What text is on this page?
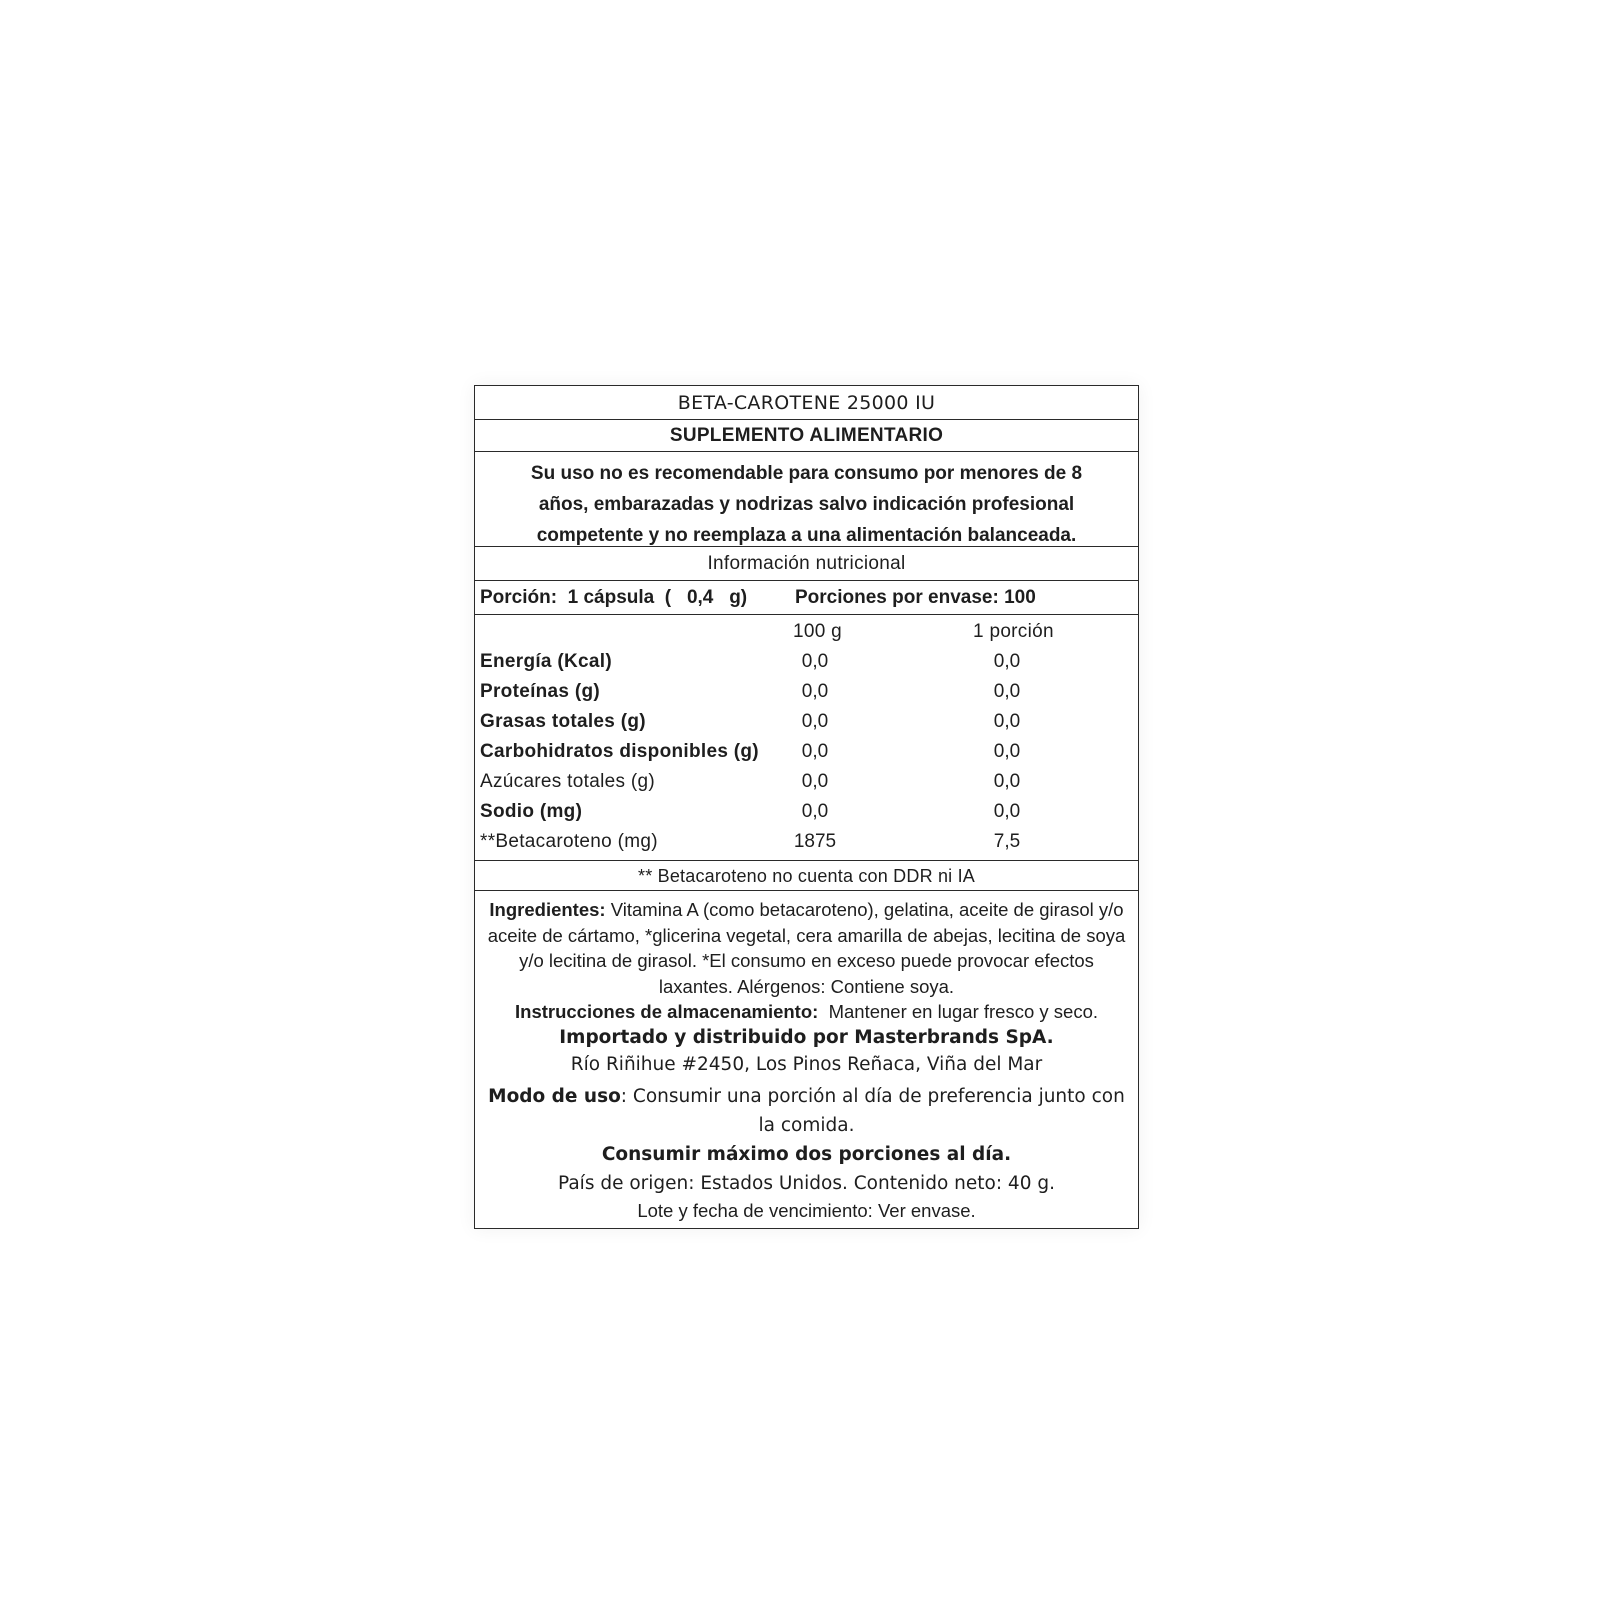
BETA-CAROTENE 25000 IU
SUPLEMENTO ALIMENTARIO
Su uso no es recomendable para consumo por menores de 8
años, embarazadas y nodrizas salvo indicación profesional
competente y no reemplaza a una alimentación balanceada.
Información nutricional
Porción:  1 cápsula  (   0,4   g)	Porciones por envase: 100
100 g	1 porción
Energía (Kcal)	0,0	0,0
Proteínas (g)	0,0	0,0
Grasas totales (g)	0,0	0,0
Carbohidratos disponibles (g)	0,0	0,0
Azúcares totales (g)	0,0	0,0
Sodio (mg)	0,0	0,0
**Betacaroteno (mg)	1875	7,5
** Betacaroteno no cuenta con DDR ni IA

Ingredientes: Vitamina A (como betacaroteno), gelatina, aceite de girasol y/o aceite de cártamo, *glicerina vegetal, cera amarilla de abejas, lecitina de soya y/o lecitina de girasol. *El consumo en exceso puede provocar efectos laxantes. Alérgenos: Contiene soya.

Instrucciones de almacenamiento:  Mantener en lugar fresco y seco.

Importado y distribuido por Masterbrands SpA.

Río Riñihue #2450, Los Pinos Reñaca, Viña del Mar

Modo de uso: Consumir una porción al día de preferencia junto con la comida.

Consumir máximo dos porciones al día.

País de origen: Estados Unidos. Contenido neto: 40 g.

Lote y fecha de vencimiento: Ver envase.
